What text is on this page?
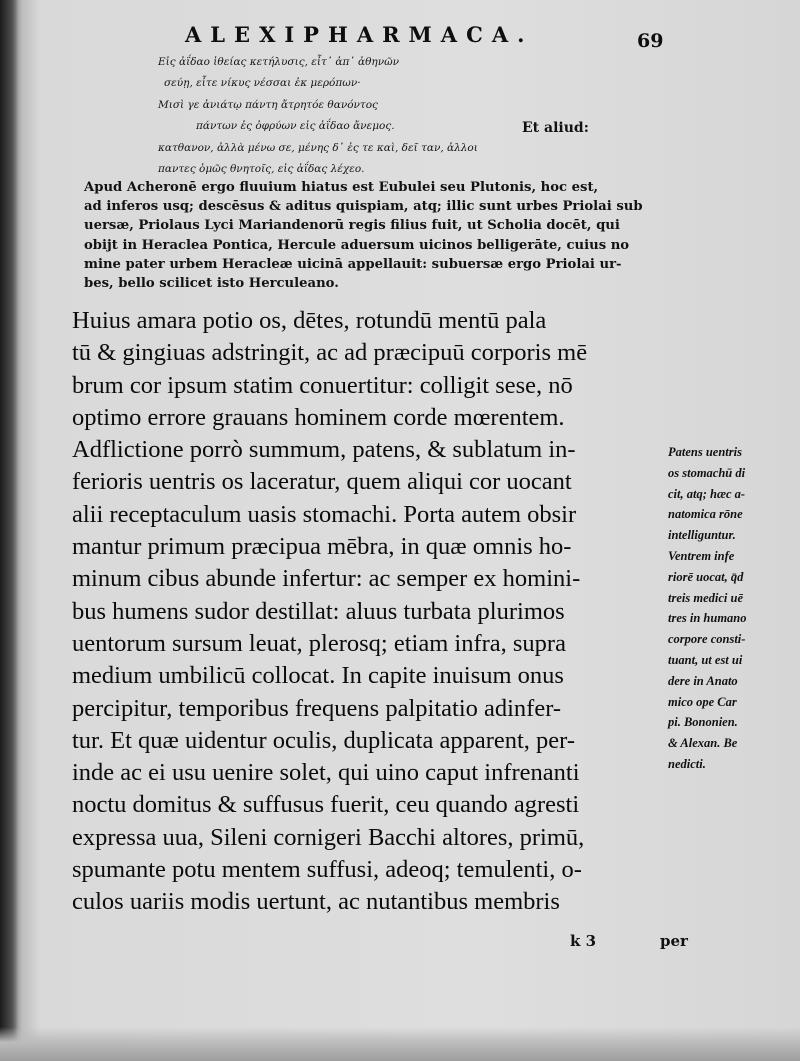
ALEXIPHARMACA.	69
Εἰς ἀΐδαο ἱθείας κετήλυσις, εἶτ᾽ ἀπ᾽ ἀθηνῶν
σεύῃ, εἶτε νίκυς νέσσαι ἐκ μερόπων·
Μισὶ γε ἀνιάτῳ πάντη ἄτρητόε θανόντος
πάντων ἐς ὀφρύων εἰς ἀΐδαο ἄνεμος.
κατθανον, ἀλλὰ μένω σε, μένης δ᾽ ἐς τε καὶ, δεῖ ταν, ἀλλοι
παντες ὁμῶς θνητοῖς, εἰς ἀΐδας λέχεο.
Et aliud:
Apud Acheronē ergo fluuium hiatus est Eubulei seu Plutonis, hoc est,
ad inferos usq; descēsus & aditus quispiam, atq; illic sunt urbes Priolai sub
uersæ, Priolaus Lyci Mariandenorū regis filius fuit, ut Scholia docēt, qui
obijt in Heraclea Pontica, Hercule aduersum uicinos belligerāte, cuius no
mine pater urbem Heracleæ uicinā appellauit: subuersæ ergo Priolai ur-
bes, bello scilicet isto Herculeano.
Huius amara potio os, dētes, rotundū mentū pala
tū & gingiuas adstringit, ac ad præcipuū corporis mē
brum cor ipsum statim conuertitur: colligit sese, nō
optimo errore grauans hominem corde mœrentem.
Adflictione porrò summum, patens, & sublatum in-
ferioris uentris os laceratur, quem aliqui cor uocant
alii receptaculum uasis stomachi. Porta autem obsir
mantur primum præcipua mēbra, in quæ omnis ho-
minum cibus abunde infertur: ac semper ex homini-
bus humens sudor destillat: aluus turbata plurimos
uentorum sursum leuat, plerosq; etiam infra, supra
medium umbilicū collocat. In capite inuisum onus
percipitur, temporibus frequens palpitatio adinfer-
tur. Et quæ uidentur oculis, duplicata apparent, per-
inde ac ei usu uenire solet, qui uino caput infrenanti
noctu domitus & suffusus fuerit, ceu quando agresti
expressa uua, Sileni cornigeri Bacchi altores, primū,
spumante potu mentem suffusi, adeoq; temulenti, o-
culos uariis modis uertunt, ac nutantibus membris
Patens uentris
os stomachū di
cit, atq; hæc a-
natomica rōne
intelliguntur.
Ventrem infe
riorē uocat, q̄d
treis medici uē
tres in humano
corpore consti-
tuant, ut est ui
dere in Anato
mico ope Car
pi. Bononien.
& Alexan. Be
nedicti.
k 3	per
